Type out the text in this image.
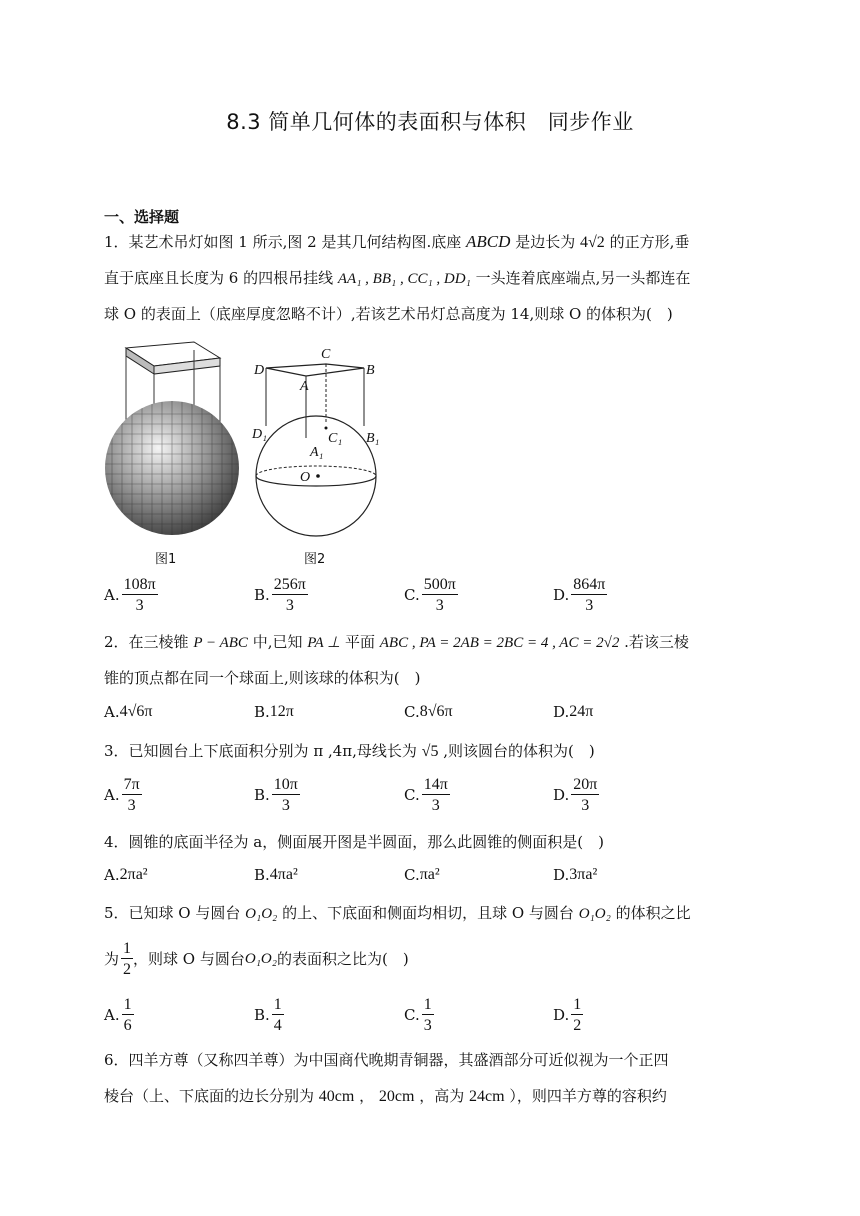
8.3 简单几何体的表面积与体积　同步作业
一、选择题
1．某艺术吊灯如图 1 所示,图 2 是其几何结构图.底座 ABCD 是边长为 4√2 的正方形,垂
直于底座且长度为 6 的四根吊挂线 AA₁ , BB₁ , CC₁ , DD₁ 一头连着底座端点,另一头都连在
球 O 的表面上（底座厚度忽略不计）,若该艺术吊灯总高度为 14,则球 O 的体积为(　)
图1
C
D
A
B
D₁	C₁
A₁
B₁
O
图2
A. $\frac{108\pi}{3}$	B. $\frac{256\pi}{3}$	C. $\frac{500\pi}{3}$	D. $\frac{864\pi}{3}$
2．在三棱锥 P − ABC 中,已知 PA ⊥ 平面 ABC , PA = 2AB = 2BC = 4 , AC = 2√2 .若该三棱
锥的顶点都在同一个球面上,则该球的体积为(　)
A. 4√6π	B. 12π	C. 8√6π	D. 24π
3．已知圆台上下底面积分别为 π ,4π,母线长为 √5 ,则该圆台的体积为(　)
A. $\frac{7\pi}{3}$	B. $\frac{10\pi}{3}$	C. $\frac{14\pi}{3}$	D. $\frac{20\pi}{3}$
4．圆锥的底面半径为 a，侧面展开图是半圆面，那么此圆锥的侧面积是(　)
A. 2πa²	B. 4πa²	C. πa²	D. 3πa²
5．已知球 O 与圆台 O₁O₂ 的上、下底面和侧面均相切，且球 O 与圆台 O₁O₂ 的体积之比
为 $\frac{1}{2}$ ，则球 O 与圆台 O₁O₂ 的表面积之比为(　)
A. $\frac{1}{6}$	B. $\frac{1}{4}$	C. $\frac{1}{3}$	D. $\frac{1}{2}$
6．四羊方尊（又称四羊尊）为中国商代晚期青铜器，其盛酒部分可近似视为一个正四
棱台（上、下底面的边长分别为 40cm ， 20cm ，高为 24cm ），则四羊方尊的容积约
